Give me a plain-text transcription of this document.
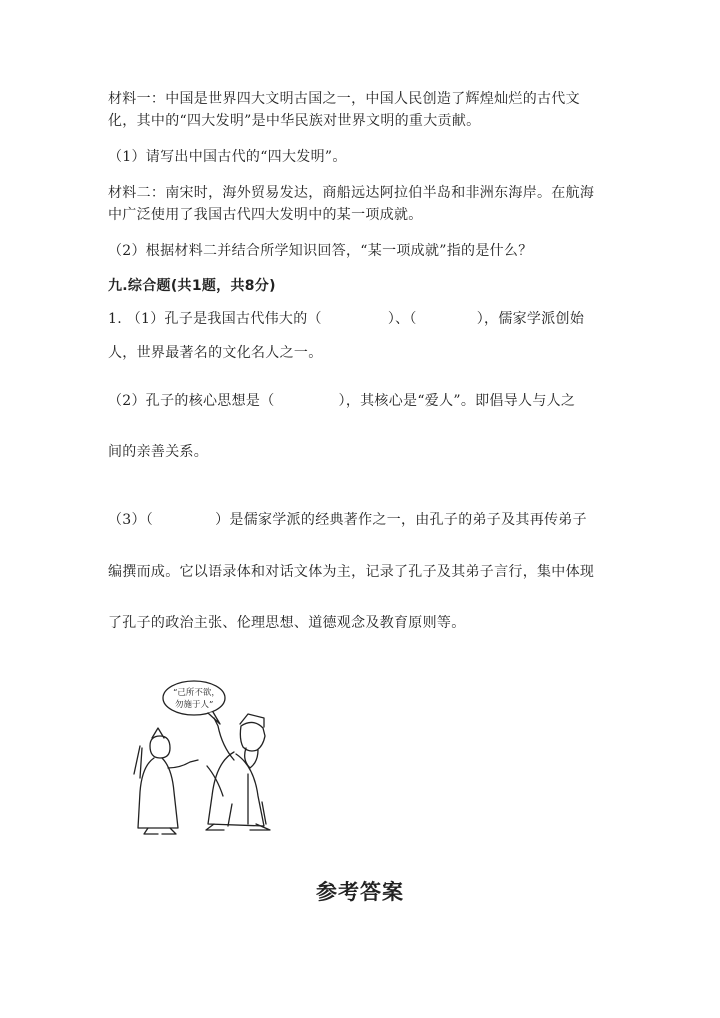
材料一：中国是世界四大文明古国之一，中国人民创造了辉煌灿烂的古代文
化，其中的“四大发明”是中华民族对世界文明的重大贡献。
（1）请写出中国古代的“四大发明”。
材料二：南宋时，海外贸易发达，商船远达阿拉伯半岛和非洲东海岸。在航海
中广泛使用了我国古代四大发明中的某一项成就。
（2）根据材料二并结合所学知识回答，“某一项成就”指的是什么？
九.综合题(共1题，共8分)
1. （1）孔子是我国古代伟大的（	）、（	），儒家学派创始
人，世界最著名的文化名人之一。
（2）孔子的核心思想是（	），其核心是“爱人”。即倡导人与人之
间的亲善关系。
（3）（	）是儒家学派的经典著作之一，由孔子的弟子及其再传弟子
编撰而成。它以语录体和对话文体为主，记录了孔子及其弟子言行，集中体现
了孔子的政治主张、伦理思想、道德观念及教育原则等。
“己所不欲，
勿施于人”
参考答案
